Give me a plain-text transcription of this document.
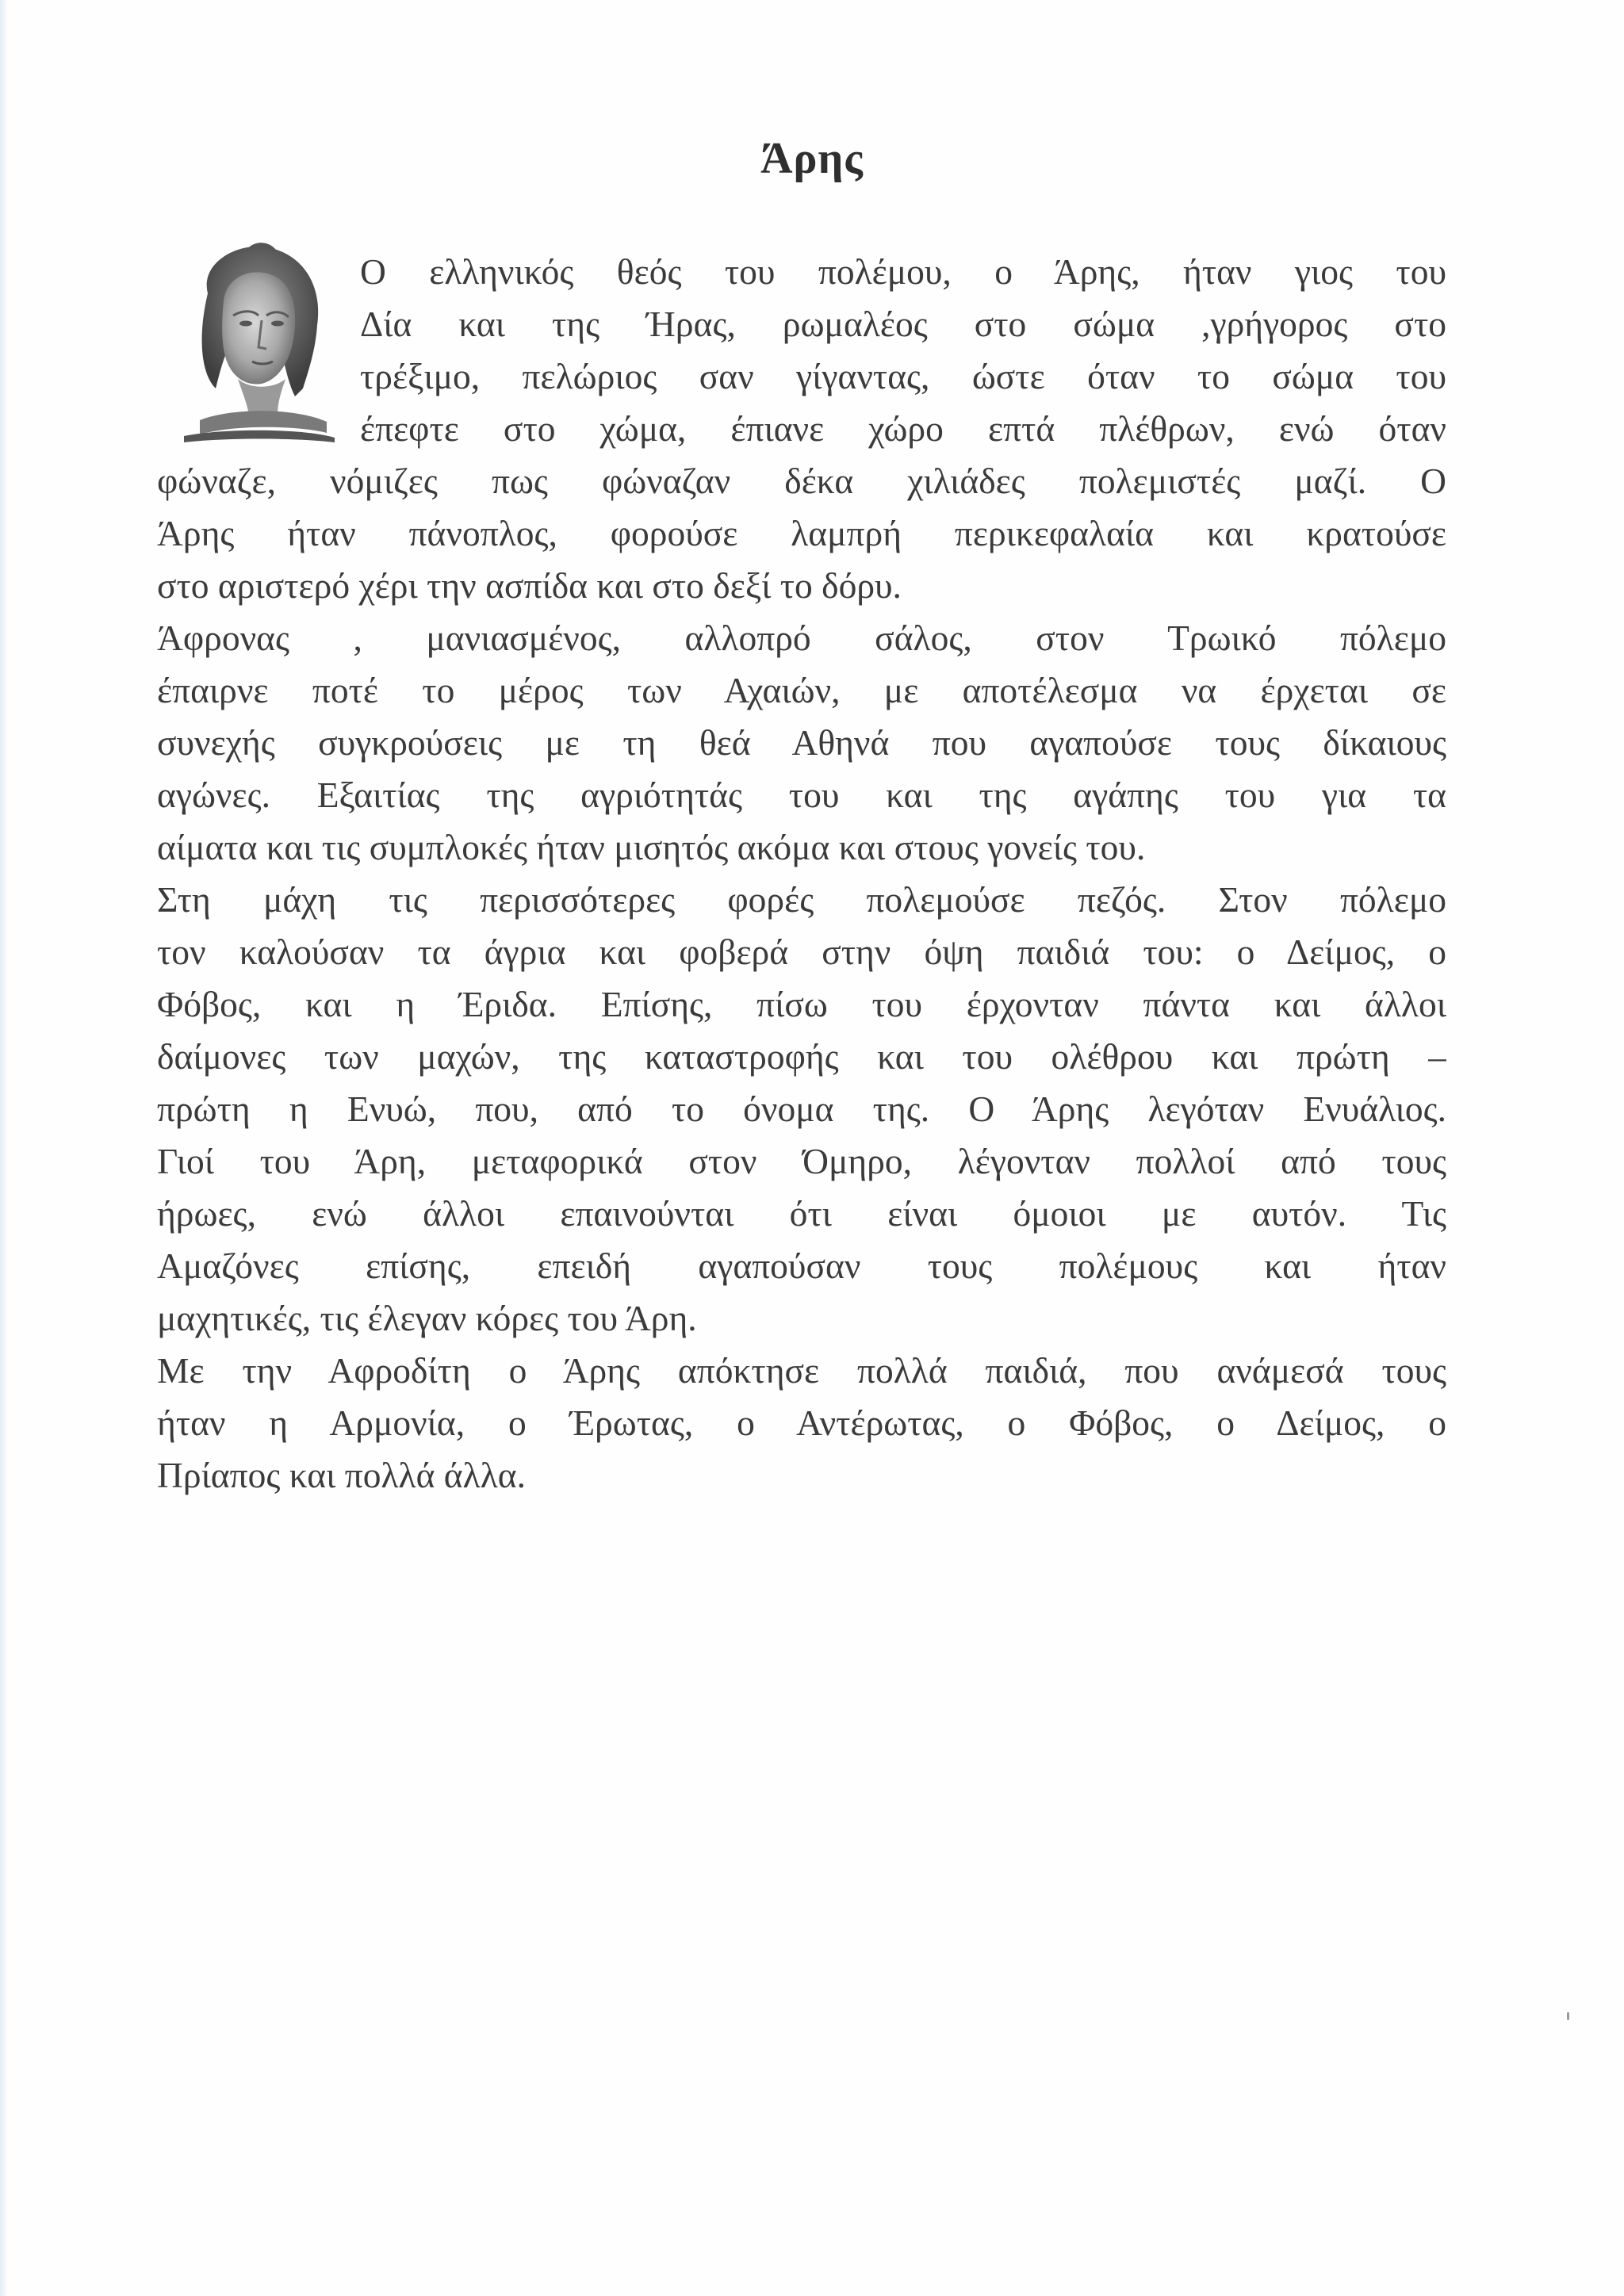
Άρης
Ο ελληνικός θεός του πολέμου, ο Άρης, ήταν γιος του
Δία και της Ήρας, ρωμαλέος στο σώμα ,γρήγορος στο
τρέξιμο, πελώριος σαν γίγαντας, ώστε όταν το σώμα του
έπεφτε στο χώμα, έπιανε χώρο επτά πλέθρων, ενώ όταν
φώναζε, νόμιζες πως φώναζαν δέκα χιλιάδες πολεμιστές μαζί. Ο
Άρης ήταν πάνοπλος, φορούσε λαμπρή περικεφαλαία και κρατούσε
στο αριστερό χέρι την ασπίδα και στο δεξί το δόρυ.
Άφρονας , μανιασμένος, αλλοπρό σάλος, στον Τρωικό πόλεμο
έπαιρνε ποτέ το μέρος των Αχαιών, με αποτέλεσμα να έρχεται σε
συνεχής συγκρούσεις με τη θεά Αθηνά που αγαπούσε τους δίκαιους
αγώνες. Εξαιτίας της αγριότητάς του και της αγάπης του για τα
αίματα και τις συμπλοκές ήταν μισητός ακόμα και στους γονείς του.
Στη μάχη τις περισσότερες φορές πολεμούσε πεζός. Στον πόλεμο
τον καλούσαν τα άγρια και φοβερά στην όψη παιδιά του: ο Δείμος, ο
Φόβος, και η Έριδα. Επίσης, πίσω του έρχονταν πάντα και άλλοι
δαίμονες των μαχών, της καταστροφής και του ολέθρου και πρώτη –
πρώτη η Ενυώ, που, από το όνομα της. Ο Άρης λεγόταν Ενυάλιος.
Γιοί του Άρη, μεταφορικά στον Όμηρο, λέγονταν πολλοί από τους
ήρωες, ενώ άλλοι επαινούνται ότι είναι όμοιοι με αυτόν. Τις
Αμαζόνες επίσης, επειδή αγαπούσαν τους πολέμους και ήταν
μαχητικές, τις έλεγαν κόρες του Άρη.
Με την Αφροδίτη ο Άρης απόκτησε πολλά παιδιά, που ανάμεσά τους
ήταν η Αρμονία, ο Έρωτας, ο Αντέρωτας, ο Φόβος, ο Δείμος, ο
Πρίαπος και πολλά άλλα.
